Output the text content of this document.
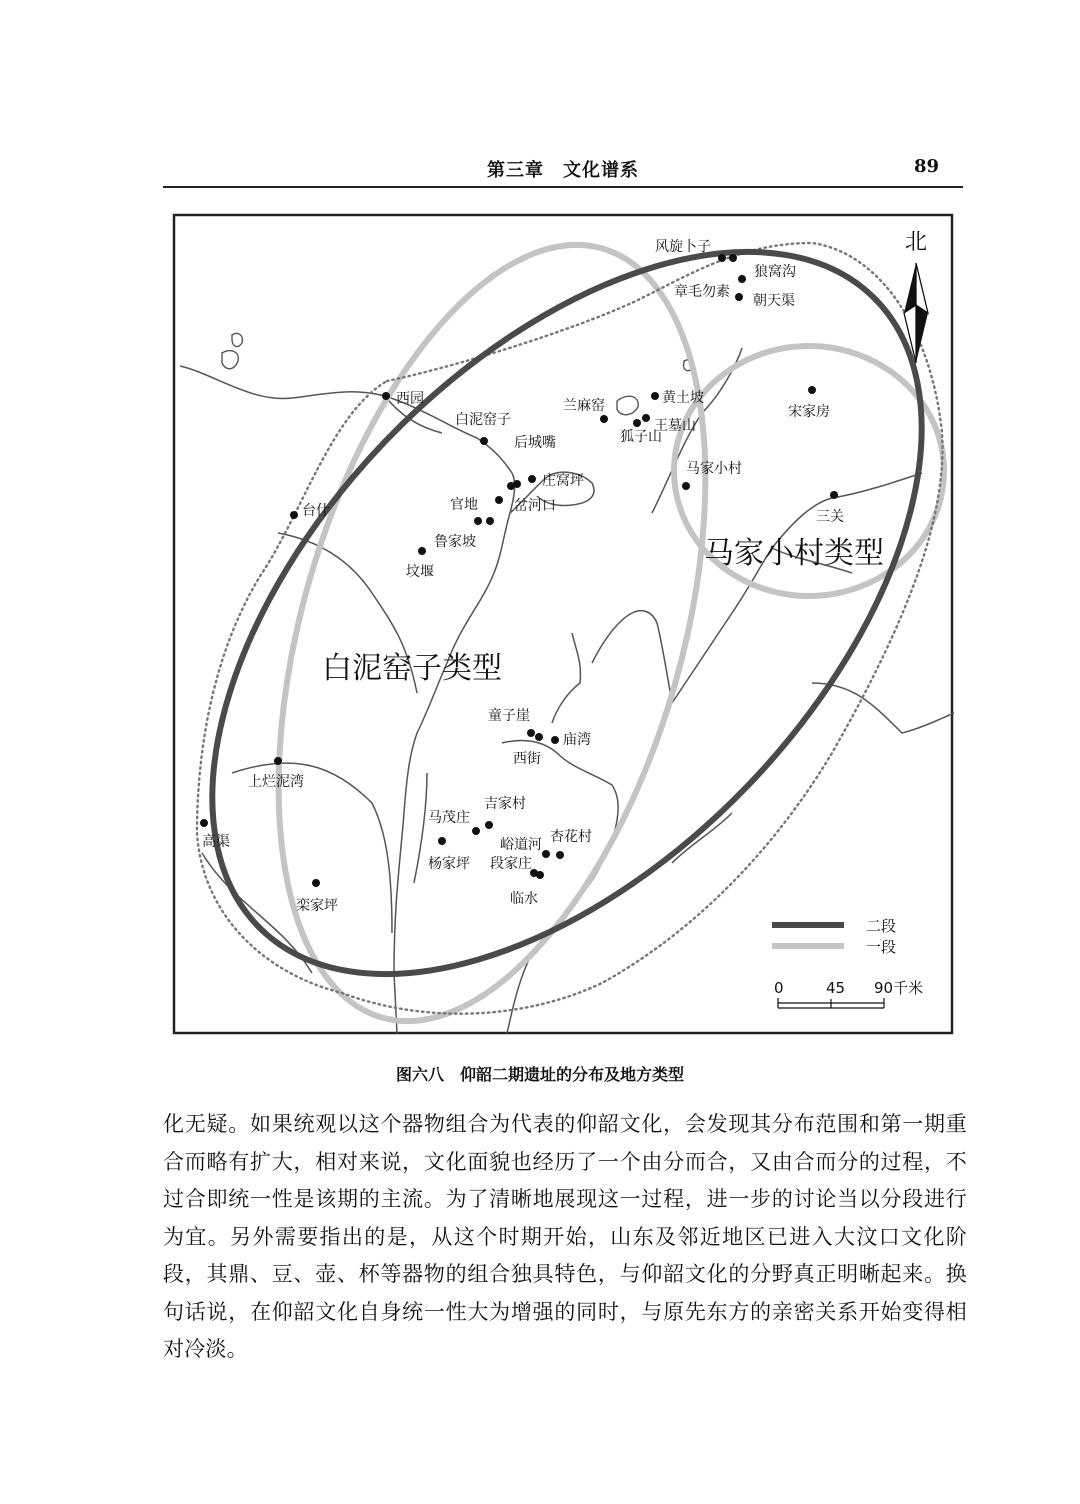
第三章　文化谱系	89
风旋卜子
狼窝沟
章毛勿素
朝天渠
西园	兰麻窑	黄土坡
白泥窑子	王墓山
狐子山
后城嘴
宋家房
庄窝坪
马家小村
官地	岔河口
台什	三关
鲁家坡
坟堰
童子崖
庙湾
西街
上烂泥湾
吉家村
马茂庄
高渠	峪道河 杏花村
杨家坪 段家庄
临水
栾家坪
白泥窑子类型
马家小村类型
北
二段
一段
0	45 90千米
图六八　仰韶二期遗址的分布及地方类型
化无疑。如果统观以这个器物组合为代表的仰韶文化，会发现其分布范围和第一期重合而略有扩大，相对来说，文化面貌也经历了一个由分而合，又由合而分的过程，不过合即统一性是该期的主流。为了清晰地展现这一过程，进一步的讨论当以分段进行为宜。另外需要指出的是，从这个时期开始，山东及邻近地区已进入大汶口文化阶段，其鼎、豆、壶、杯等器物的组合独具特色，与仰韶文化的分野真正明晰起来。换句话说，在仰韶文化自身统一性大为增强的同时，与原先东方的亲密关系开始变得相对冷淡。
